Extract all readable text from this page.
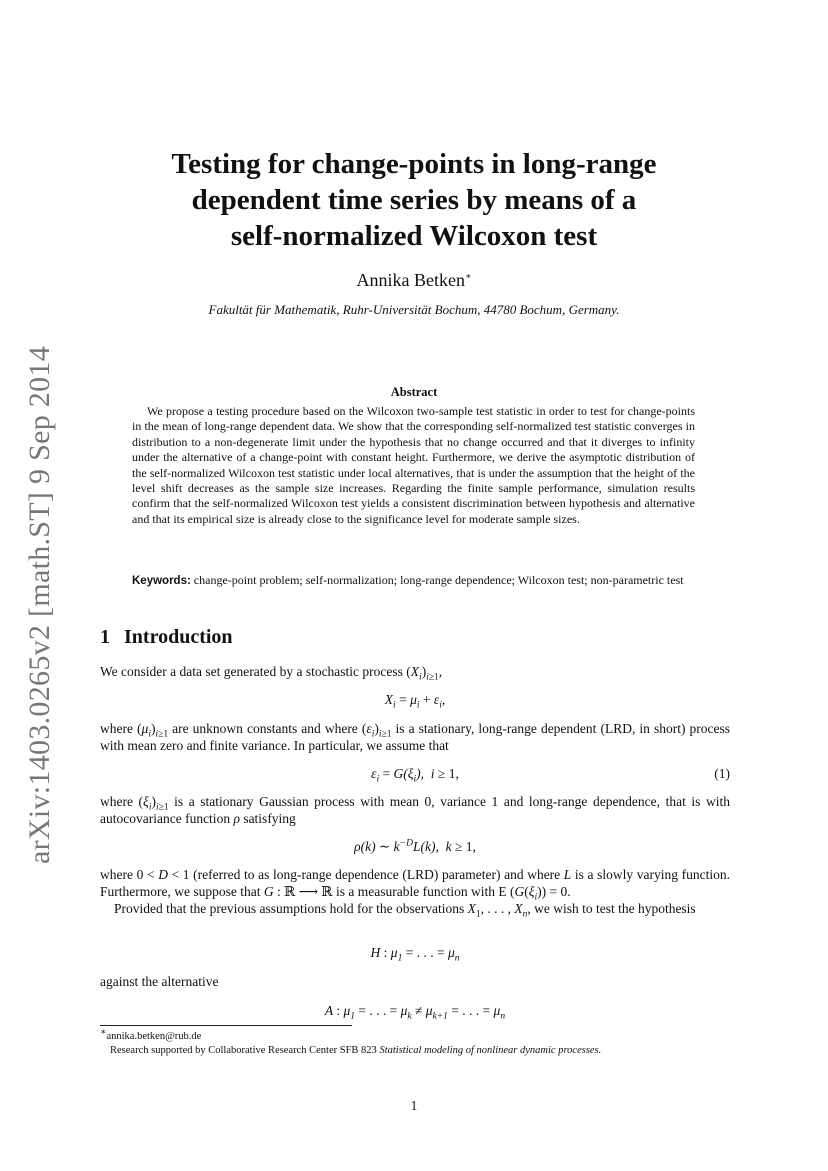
arXiv:1403.0265v2 [math.ST] 9 Sep 2014
Testing for change-points in long-range
dependent time series by means of a
self-normalized Wilcoxon test
Annika Betken∗
Fakultät für Mathematik, Ruhr-Universität Bochum, 44780 Bochum, Germany.
Abstract

We propose a testing procedure based on the Wilcoxon two-sample test statistic in order to test for change-points in the mean of long-range dependent data. We show that the corresponding self-normalized test statistic converges in distribution to a non-degenerate limit under the hypothesis that no change occurred and that it diverges to infinity under the alternative of a change-point with constant height. Furthermore, we derive the asymptotic distribution of the self-normalized Wilcoxon test statistic under local alternatives, that is under the assumption that the height of the level shift decreases as the sample size increases. Regarding the finite sample performance, simulation results confirm that the self-normalized Wilcoxon test yields a consistent discrimination between hypothesis and alternative and that its empirical size is already close to the significance level for moderate sample sizes.

Keywords: change-point problem; self-normalization; long-range dependence; Wilcoxon test; non-parametric test
1 Introduction

We consider a data set generated by a stochastic process $(X_i)_{i\ge 1}$,

$X_i = \mu_i + \varepsilon_i$,

where $(\mu_i)_{i\ge 1}$ are unknown constants and where $(\varepsilon_i)_{i\ge 1}$ is a stationary, long-range dependent (LRD, in short) process with mean zero and finite variance. In particular, we assume that

$\varepsilon_i = G(\xi_i)$,  i ≥ 1,	(1)

where $(\xi_i)_{i\ge 1}$ is a stationary Gaussian process with mean 0, variance 1 and long-range dependence, that is with autocovariance function ρ satisfying

ρ(k) ∼ $k^{-D}L(k)$,  k ≥ 1,

where 0 < D < 1 (referred to as long-range dependence (LRD) parameter) and where L is a slowly varying function. Furthermore, we suppose that G : ℝ ⟶ ℝ is a measurable function with E $(G(\xi_i)) = 0$.

Provided that the previous assumptions hold for the observations $X_1$, . . . , $X_n$, we wish to test the hypothesis

H : $\mu_1$ = . . . = $\mu_n$

against the alternative

A : $\mu_1$ = . . . = $\mu_k \ne \mu_{k+1}$ = . . . = $\mu_n$
∗annika.betken@rub.de
Research supported by Collaborative Research Center SFB 823 Statistical modeling of nonlinear dynamic processes.
1
